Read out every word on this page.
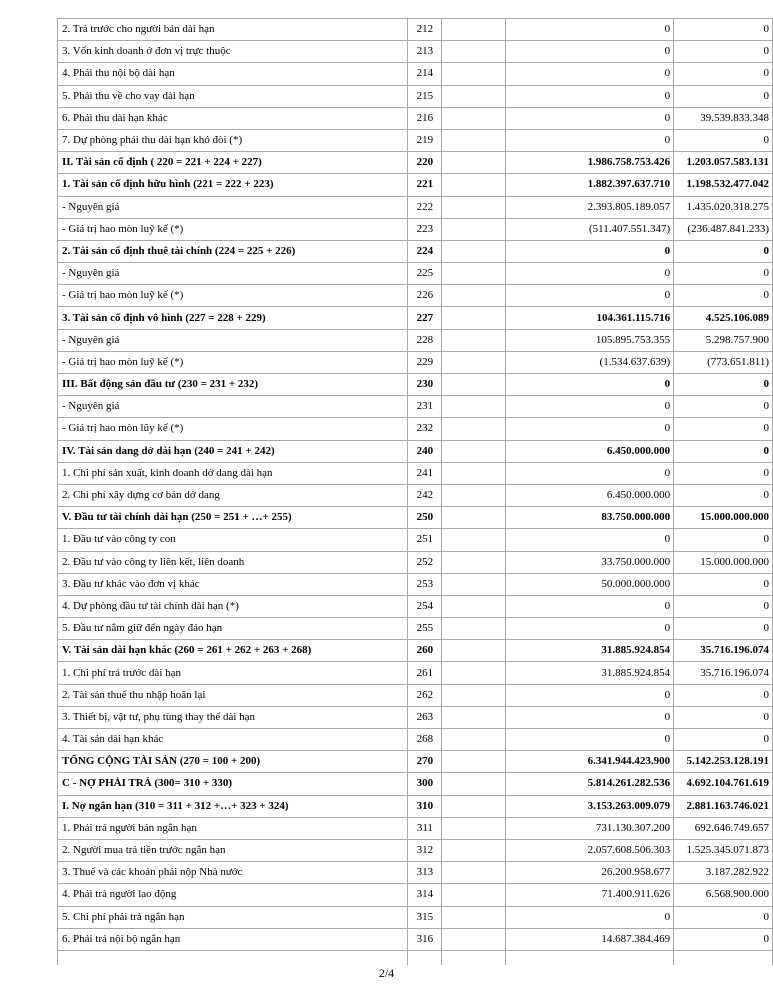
2. Trả trước cho người bán dài hạn	212		0	0
3. Vốn kinh doanh ở đơn vị trực thuộc	213		0	0
4. Phải thu nội bộ dài hạn	214		0	0
5. Phải thu về cho vay dài hạn	215		0	0
6. Phải thu dài hạn khác	216		0	39.539.833.348
7. Dự phòng phải thu dài hạn khó đòi (*)	219		0	0
II. Tài sản cố định ( 220 = 221 + 224 + 227)	220		1.986.758.753.426	1.203.057.583.131
1. Tài sản cố định hữu hình (221 = 222 + 223)	221		1.882.397.637.710	1.198.532.477.042
- Nguyên giá	222		2.393.805.189.057	1.435.020.318.275
- Giá trị hao mòn luỹ kế (*)	223		(511.407.551.347)	(236.487.841.233)
2. Tài sản cố định thuê tài chính (224 = 225 + 226)	224		0	0
- Nguyên giá	225		0	0
- Giá trị hao mòn luỹ kế (*)	226		0	0
3. Tài sản cố định vô hình (227 = 228 + 229)	227		104.361.115.716	4.525.106.089
- Nguyên giá	228		105.895.753.355	5.298.757.900
- Giá trị hao mòn luỹ kế (*)	229		(1.534.637.639)	(773.651.811)
III. Bất động sản đầu tư (230 = 231 + 232)	230		0	0
- Nguyên giá	231		0	0
- Giá trị hao mòn lũy kế (*)	232		0	0
IV. Tài sản dang dở dài hạn (240 = 241 + 242)	240		6.450.000.000	0
1. Chi phí sản xuất, kinh doanh dở dang dài hạn	241		0	0
2. Chi phí xây dựng cơ bản dở dang	242		6.450.000.000	0
V. Đầu tư tài chính dài hạn (250 = 251 + …+ 255)	250		83.750.000.000	15.000.000.000
1. Đầu tư vào công ty con	251		0	0
2. Đầu tư vào công ty liên kết, liên doanh	252		33.750.000.000	15.000.000.000
3. Đầu tư khác vào đơn vị khác	253		50.000.000.000	0
4. Dự phòng đầu tư tài chính dài hạn (*)	254		0	0
5. Đầu tư nắm giữ đến ngày đáo hạn	255		0	0
V. Tài sản dài hạn khác (260 = 261 + 262 + 263 + 268)	260		31.885.924.854	35.716.196.074
1. Chi phí trả trước dài hạn	261		31.885.924.854	35.716.196.074
2. Tài sản thuế thu nhập hoãn lại	262		0	0
3. Thiết bị, vật tư, phụ tùng thay thế dài hạn	263		0	0
4. Tài sản dài hạn khác	268		0	0
TỔNG CỘNG TÀI SẢN (270 = 100 + 200)	270		6.341.944.423.900	5.142.253.128.191
C - NỢ PHẢI TRẢ (300= 310 + 330)	300		5.814.261.282.536	4.692.104.761.619
I. Nợ ngắn hạn (310 = 311 + 312 +…+ 323 + 324)	310		3.153.263.009.079	2.881.163.746.021
1. Phải trả người bán ngắn hạn	311		731.130.307.200	692.646.749.657
2. Người mua trả tiền trước ngắn hạn	312		2.057.608.506.303	1.525.345.071.873
3. Thuế và các khoản phải nộp Nhà nước	313		26.200.958.677	3.187.282.922
4. Phải trả người lao động	314		71.400.911.626	6.568.900.000
5. Chi phí phải trả ngắn hạn	315		0	0
6. Phải trả nội bộ ngắn hạn	316		14.687.384.469	0

2/4
